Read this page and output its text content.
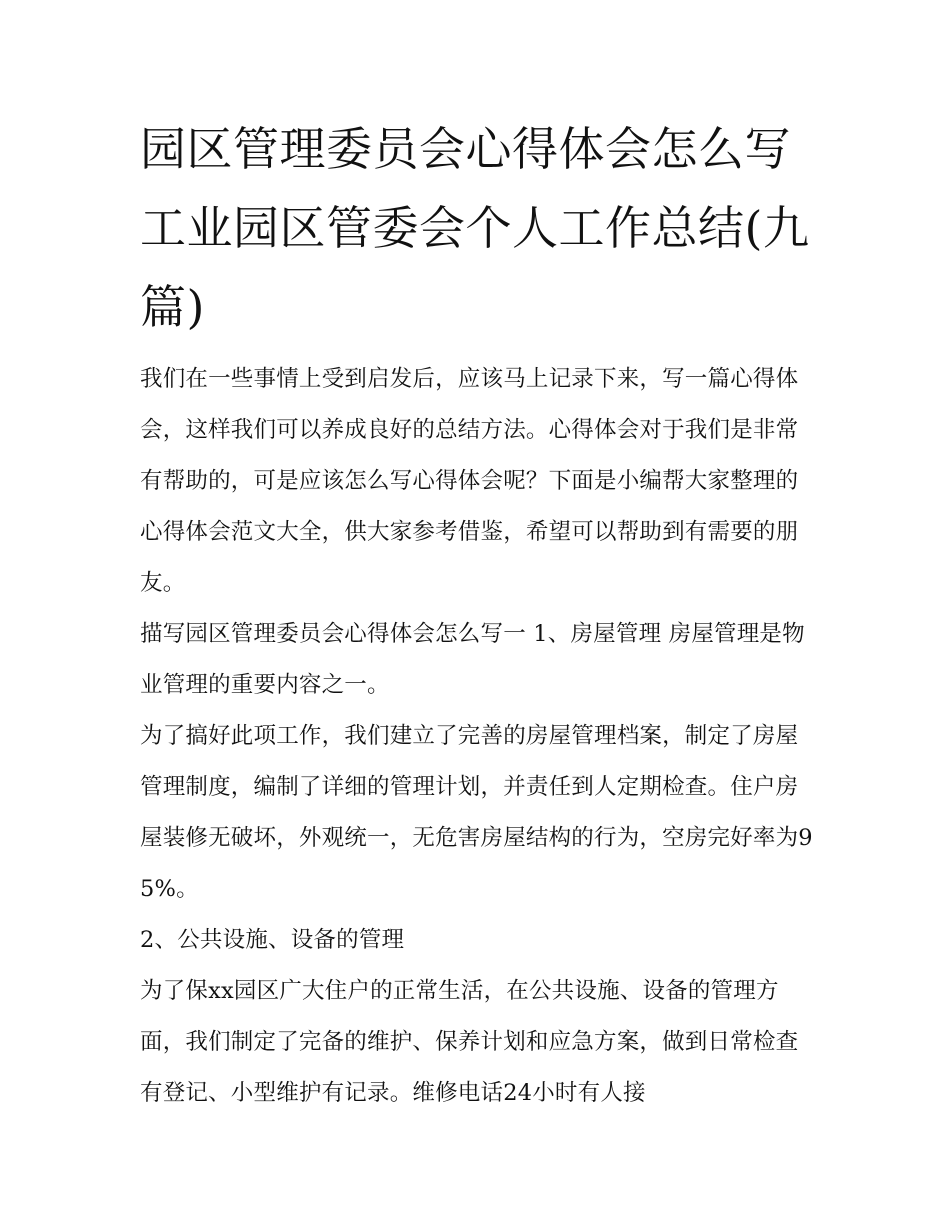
园区管理委员会心得体会怎么写 工业园区管委会个人工作总结(九篇)

我们在一些事情上受到启发后，应该马上记录下来，写一篇心得体会，这样我们可以养成良好的总结方法。心得体会对于我们是非常有帮助的，可是应该怎么写心得体会呢？下面是小编帮大家整理的心得体会范文大全，供大家参考借鉴，希望可以帮助到有需要的朋友。

描写园区管理委员会心得体会怎么写一 1、房屋管理 房屋管理是物业管理的重要内容之一。

为了搞好此项工作，我们建立了完善的房屋管理档案，制定了房屋管理制度，编制了详细的管理计划，并责任到人定期检查。住户房屋装修无破坏，外观统一，无危害房屋结构的行为，空房完好率为95%。

2、公共设施、设备的管理

为了保xx园区广大住户的正常生活，在公共设施、设备的管理方面，我们制定了完备的维护、保养计划和应急方案，做到日常检查有登记、小型维护有记录。维修电话24小时有人接
